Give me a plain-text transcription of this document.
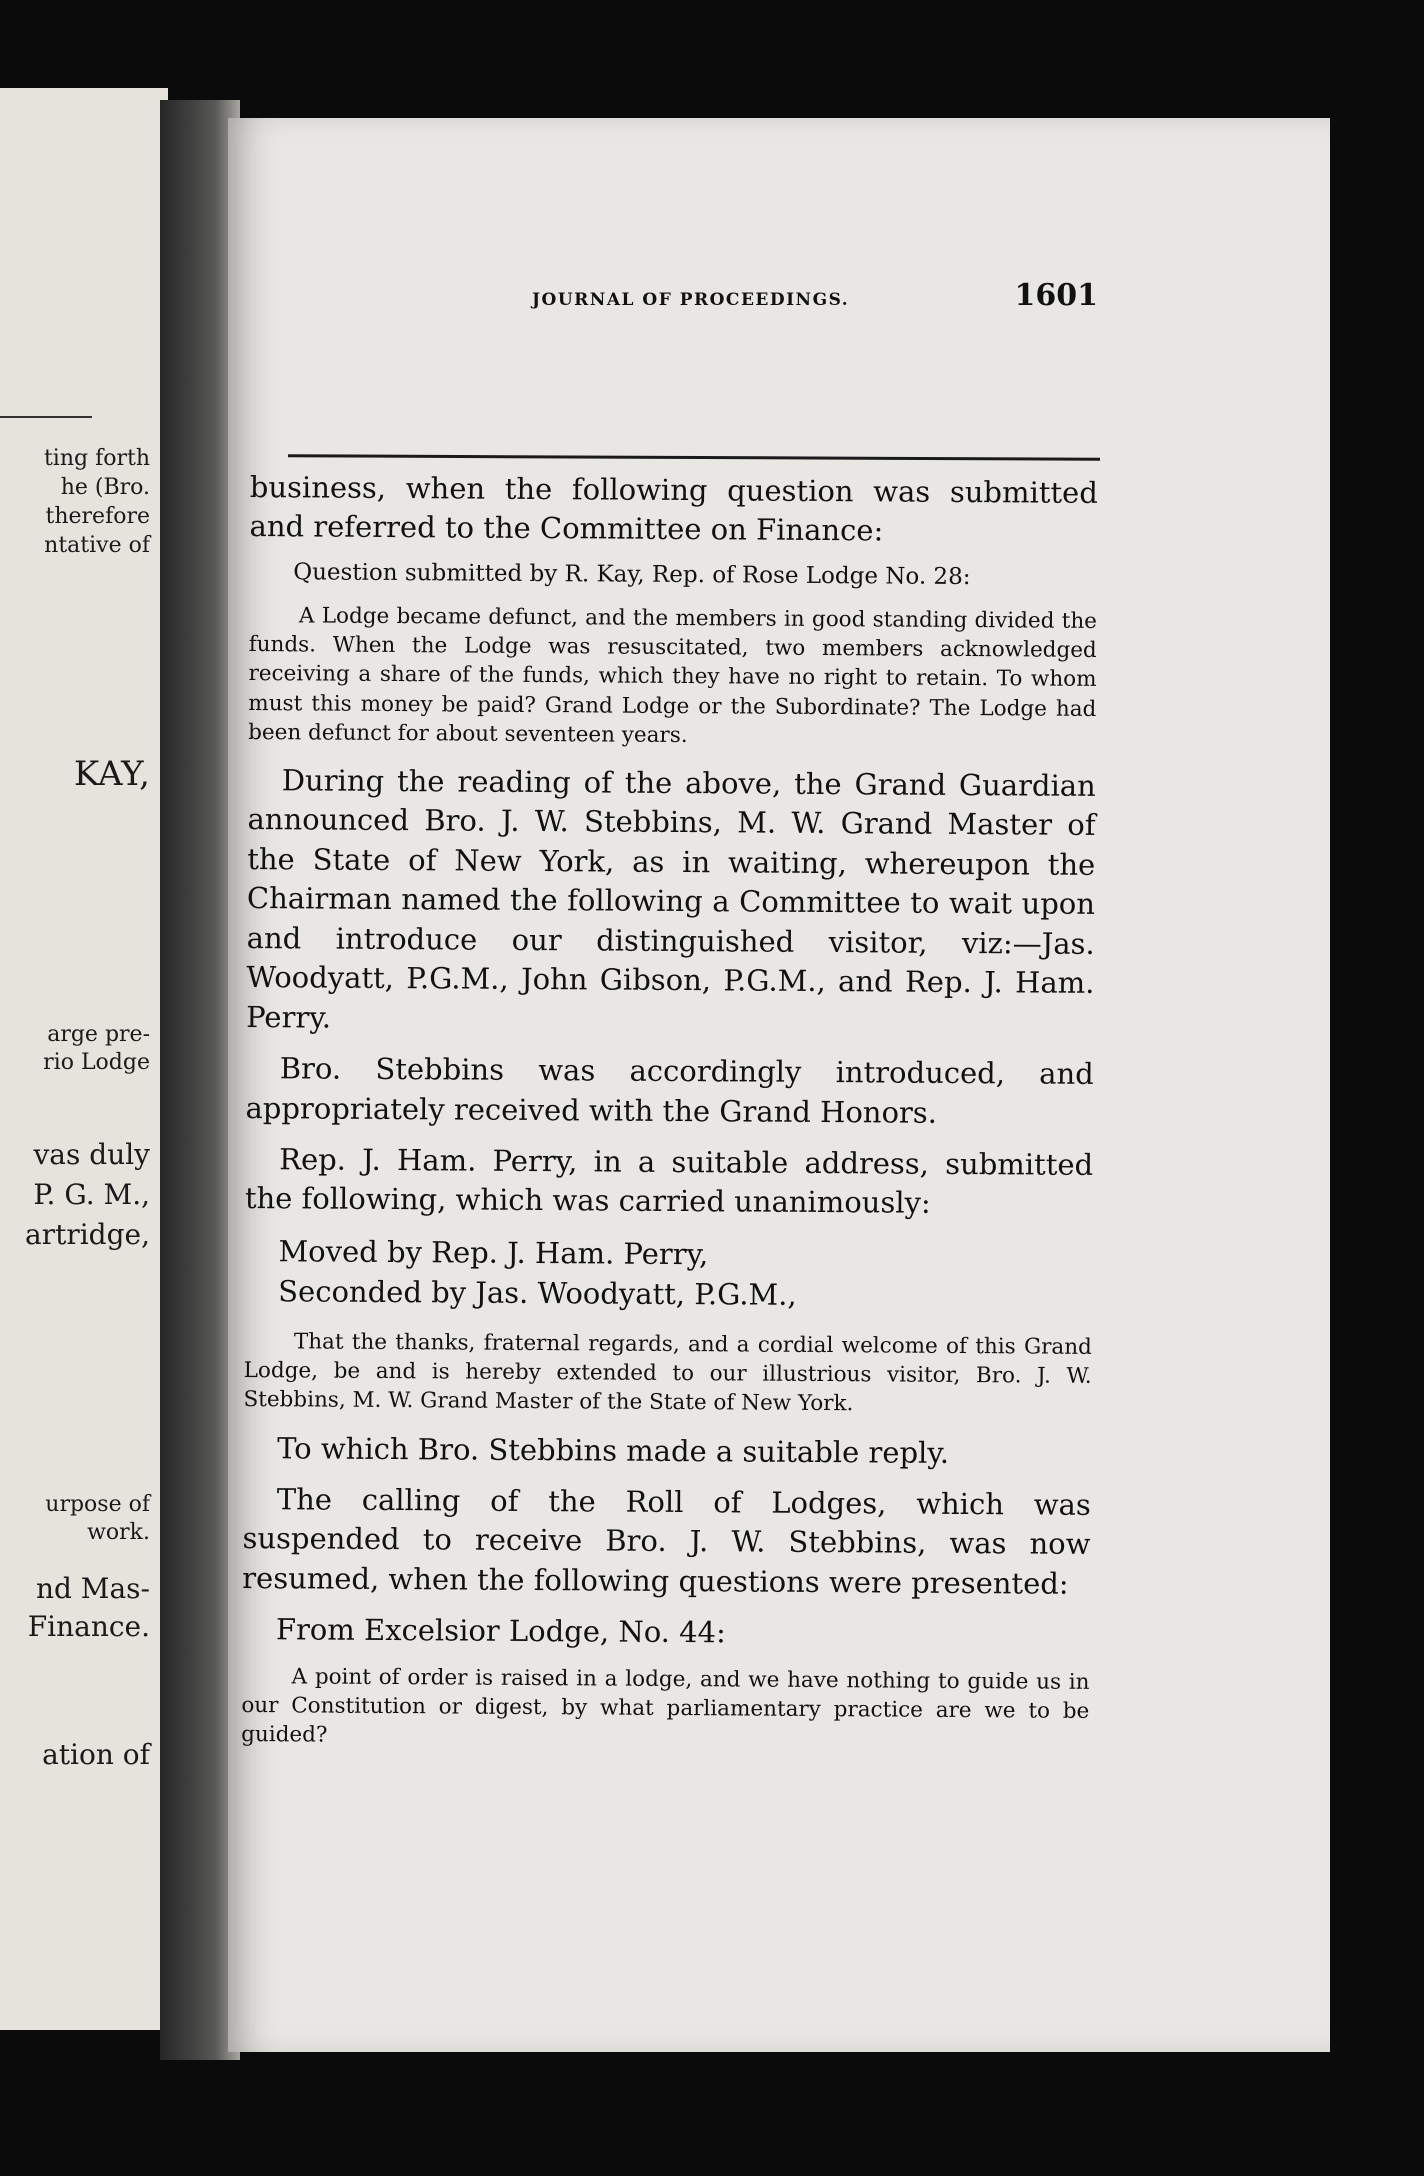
ting forth
he (Bro.
therefore
ntative of
KAY,
arge pre-
rio Lodge
vas duly
P. G. M.,
artridge,
urpose of
work.
nd Mas-
Finance.
ation of
JOURNAL OF PROCEEDINGS.	1601

business, when the following question was submitted and referred to the Committee on Finance:

Question submitted by R. Kay, Rep. of Rose Lodge No. 28:

A Lodge became defunct, and the members in good standing divided the funds. When the Lodge was resuscitated, two members acknowledged receiving a share of the funds, which they have no right to retain. To whom must this money be paid? Grand Lodge or the Subordinate? The Lodge had been defunct for about seventeen years.

During the reading of the above, the Grand Guardian announced Bro. J. W. Stebbins, M. W. Grand Master of the State of New York, as in waiting, whereupon the Chairman named the following a Committee to wait upon and introduce our distinguished visitor, viz:—Jas. Woodyatt, P.G.M., John Gibson, P.G.M., and Rep. J. Ham. Perry.

Bro. Stebbins was accordingly introduced, and appropriately received with the Grand Honors.

Rep. J. Ham. Perry, in a suitable address, submitted the following, which was carried unanimously:

Moved by Rep. J. Ham. Perry,

Seconded by Jas. Woodyatt, P.G.M.,

That the thanks, fraternal regards, and a cordial welcome of this Grand Lodge, be and is hereby extended to our illustrious visitor, Bro. J. W. Stebbins, M. W. Grand Master of the State of New York.

To which Bro. Stebbins made a suitable reply.

The calling of the Roll of Lodges, which was suspended to receive Bro. J. W. Stebbins, was now resumed, when the following questions were presented:

From Excelsior Lodge, No. 44:

A point of order is raised in a lodge, and we have nothing to guide us in our Constitution or digest, by what parliamentary practice are we to be guided?
